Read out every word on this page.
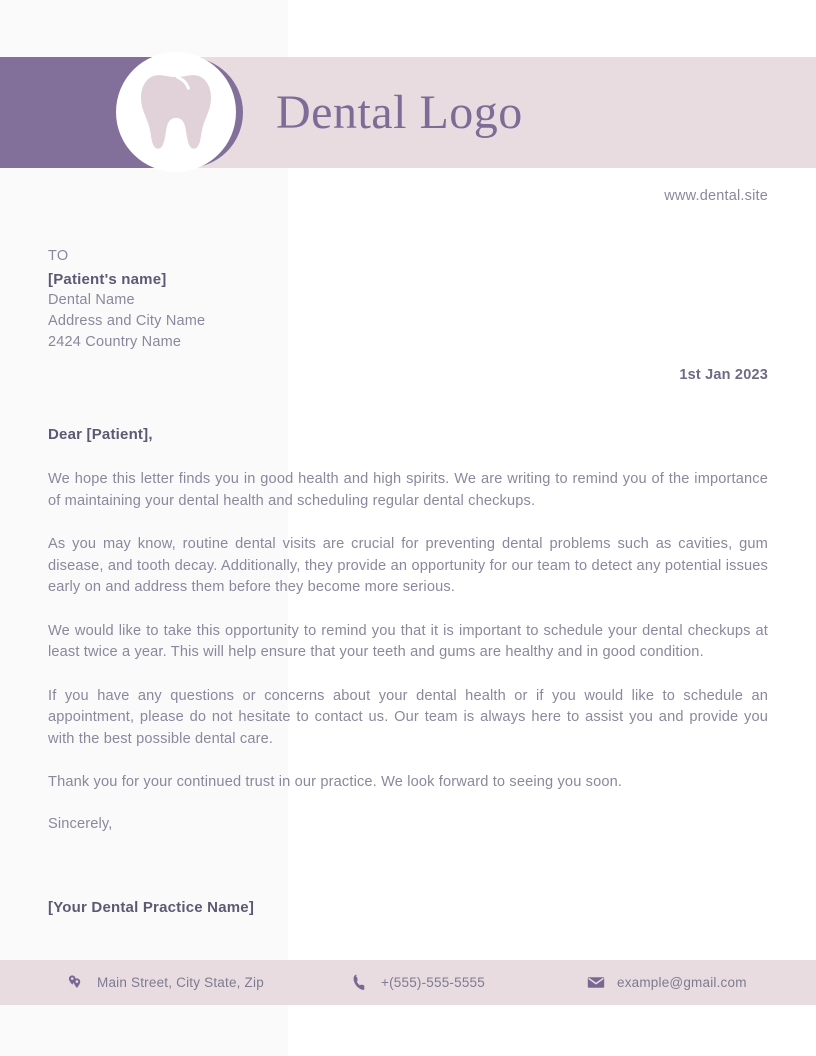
Dental Logo
www.dental.site
TO
[Patient's name]
Dental Name
Address and City Name
2424 Country Name
1st Jan 2023
Dear [Patient],

We hope this letter finds you in good health and high spirits. We are writing to remind you of the importance of maintaining your dental health and scheduling regular dental checkups.

As you may know, routine dental visits are crucial for preventing dental problems such as cavities, gum disease, and tooth decay. Additionally, they provide an opportunity for our team to detect any potential issues early on and address them before they become more serious.

We would like to take this opportunity to remind you that it is important to schedule your dental checkups at least twice a year. This will help ensure that your teeth and gums are healthy and in good condition.

If you have any questions or concerns about your dental health or if you would like to schedule an appointment, please do not hesitate to contact us. Our team is always here to assist you and provide you with the best possible dental care.

Thank you for your continued trust in our practice. We look forward to seeing you soon.

Sincerely,

[Your Dental Practice Name]
Main Street, City State, Zip	+(555)-555-5555	example@gmail.com
